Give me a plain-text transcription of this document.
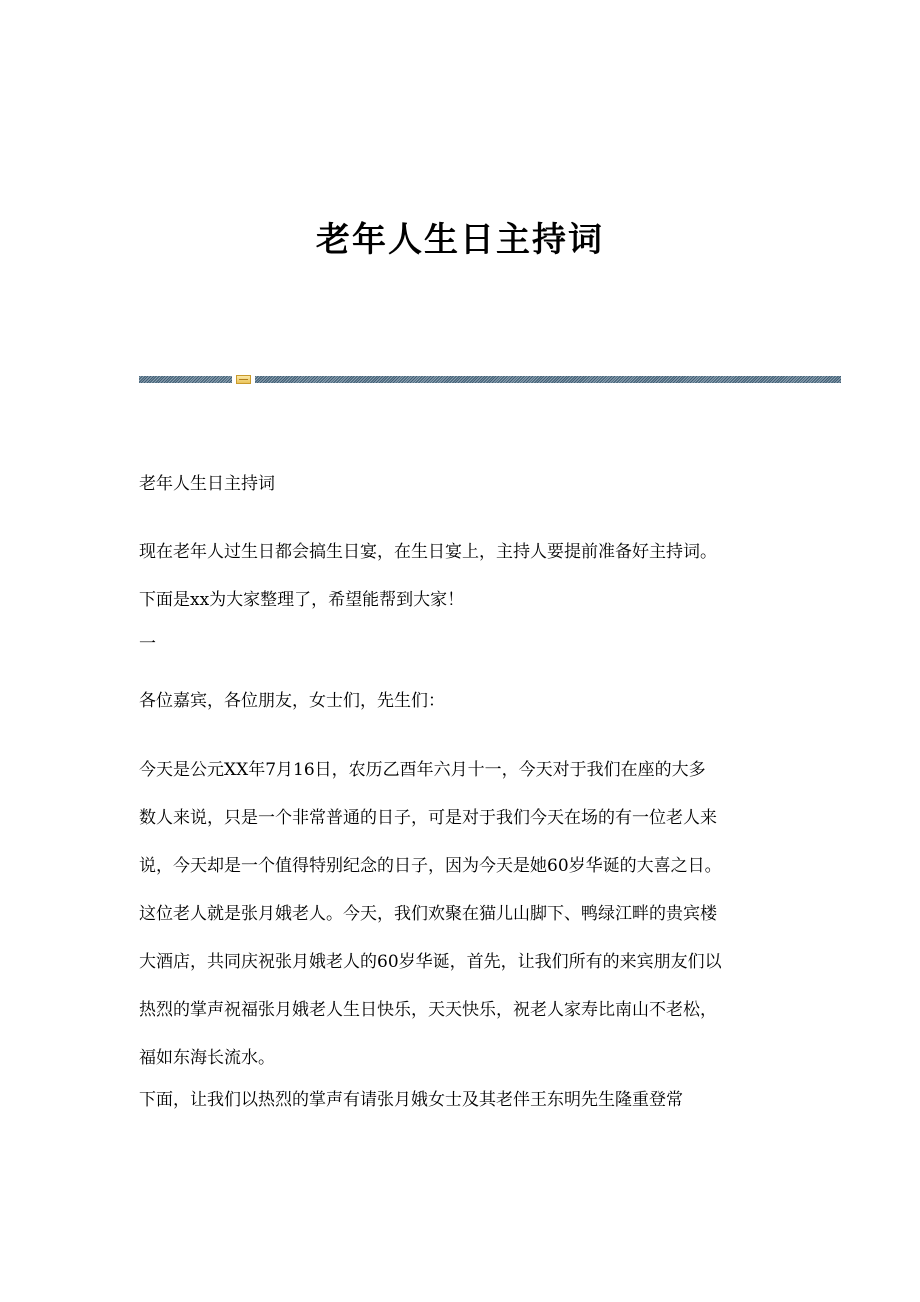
老年人生日主持词
老年人生日主持词
现在老年人过生日都会搞生日宴，在生日宴上，主持人要提前准备好主持词。
下面是xx为大家整理了，希望能帮到大家！
一
各位嘉宾，各位朋友，女士们，先生们：
今天是公元XX年7月16日，农历乙酉年六月十一，今天对于我们在座的大多
数人来说，只是一个非常普通的日子，可是对于我们今天在场的有一位老人来
说，今天却是一个值得特别纪念的日子，因为今天是她60岁华诞的大喜之日。
这位老人就是张月娥老人。今天，我们欢聚在猫儿山脚下、鸭绿江畔的贵宾楼
大酒店，共同庆祝张月娥老人的60岁华诞，首先，让我们所有的来宾朋友们以
热烈的掌声祝福张月娥老人生日快乐，天天快乐，祝老人家寿比南山不老松，
福如东海长流水。
下面，让我们以热烈的掌声有请张月娥女士及其老伴王东明先生隆重登常
